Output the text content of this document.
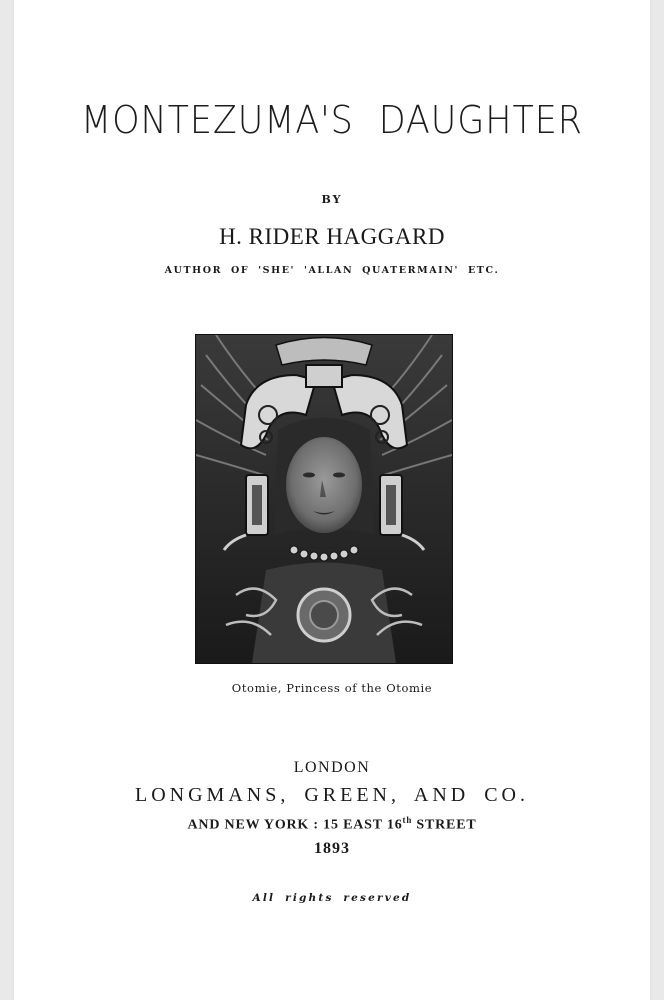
MONTEZUMA'S DAUGHTER
BY
H. RIDER HAGGARD
AUTHOR OF 'SHE' 'ALLAN QUATERMAIN' ETC.
Otomie, Princess of the Otomie
LONDON
LONGMANS, GREEN, AND CO.
AND NEW YORK : 15 EAST 16th STREET
1893
All rights reserved
